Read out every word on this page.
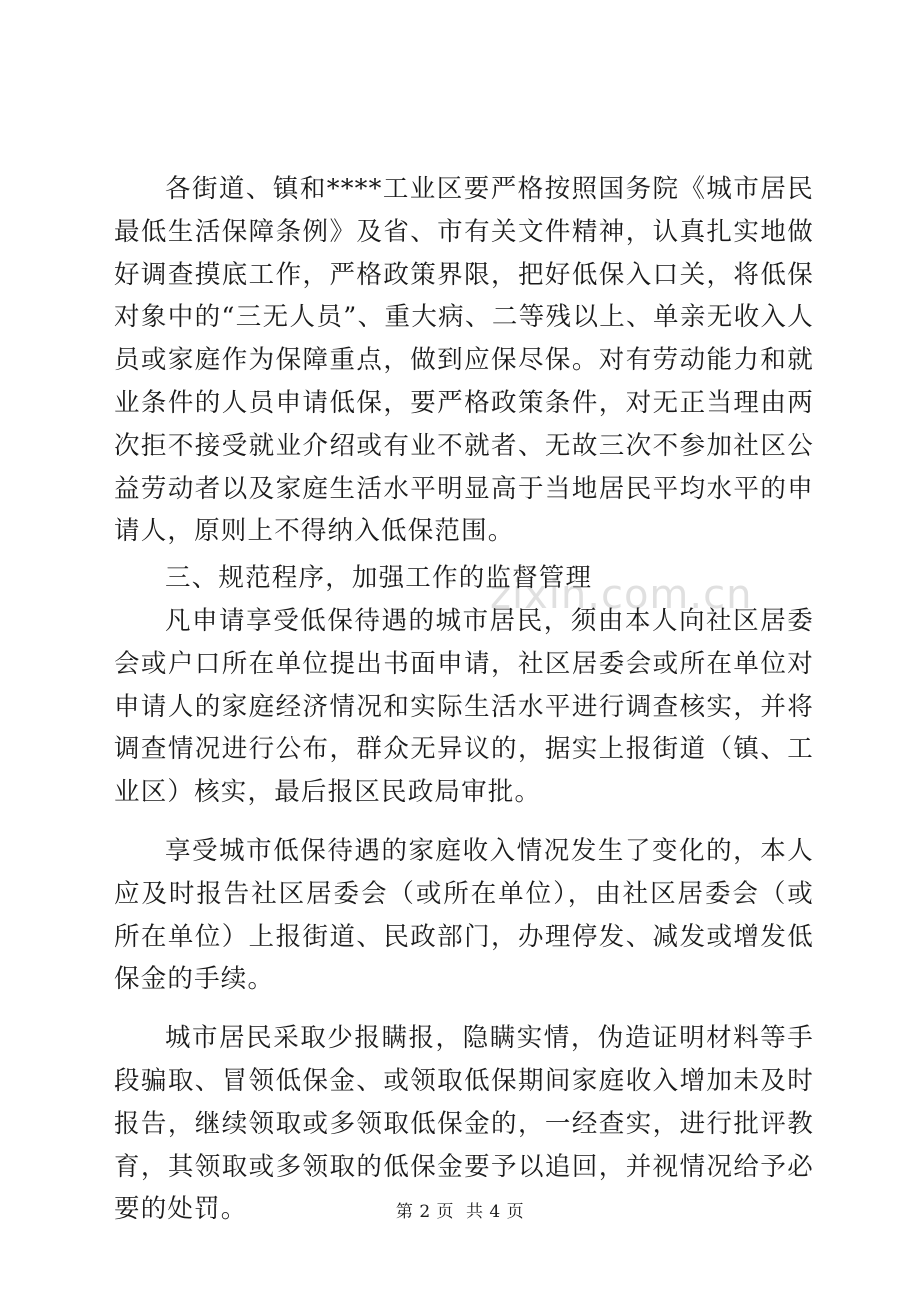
zixin.com.cn

各街道、镇和****工业区要严格按照国务院《城市居民最低生活保障条例》及省、市有关文件精神，认真扎实地做好调查摸底工作，严格政策界限，把好低保入口关，将低保对象中的“三无人员”、重大病、二等残以上、单亲无收入人员或家庭作为保障重点，做到应保尽保。对有劳动能力和就业条件的人员申请低保，要严格政策条件，对无正当理由两次拒不接受就业介绍或有业不就者、无故三次不参加社区公益劳动者以及家庭生活水平明显高于当地居民平均水平的申请人，原则上不得纳入低保范围。

三、规范程序，加强工作的监督管理

凡申请享受低保待遇的城市居民，须由本人向社区居委会或户口所在单位提出书面申请，社区居委会或所在单位对申请人的家庭经济情况和实际生活水平进行调查核实，并将调查情况进行公布，群众无异议的，据实上报街道（镇、工业区）核实，最后报区民政局审批。

享受城市低保待遇的家庭收入情况发生了变化的，本人应及时报告社区居委会（或所在单位），由社区居委会（或所在单位）上报街道、民政部门，办理停发、减发或增发低保金的手续。

城市居民采取少报瞒报，隐瞒实情，伪造证明材料等手段骗取、冒领低保金、或领取低保期间家庭收入增加未及时报告，继续领取或多领取低保金的，一经查实，进行批评教育，其领取或多领取的低保金要予以追回，并视情况给予必要的处罚。	第 2 页 共 4 页
